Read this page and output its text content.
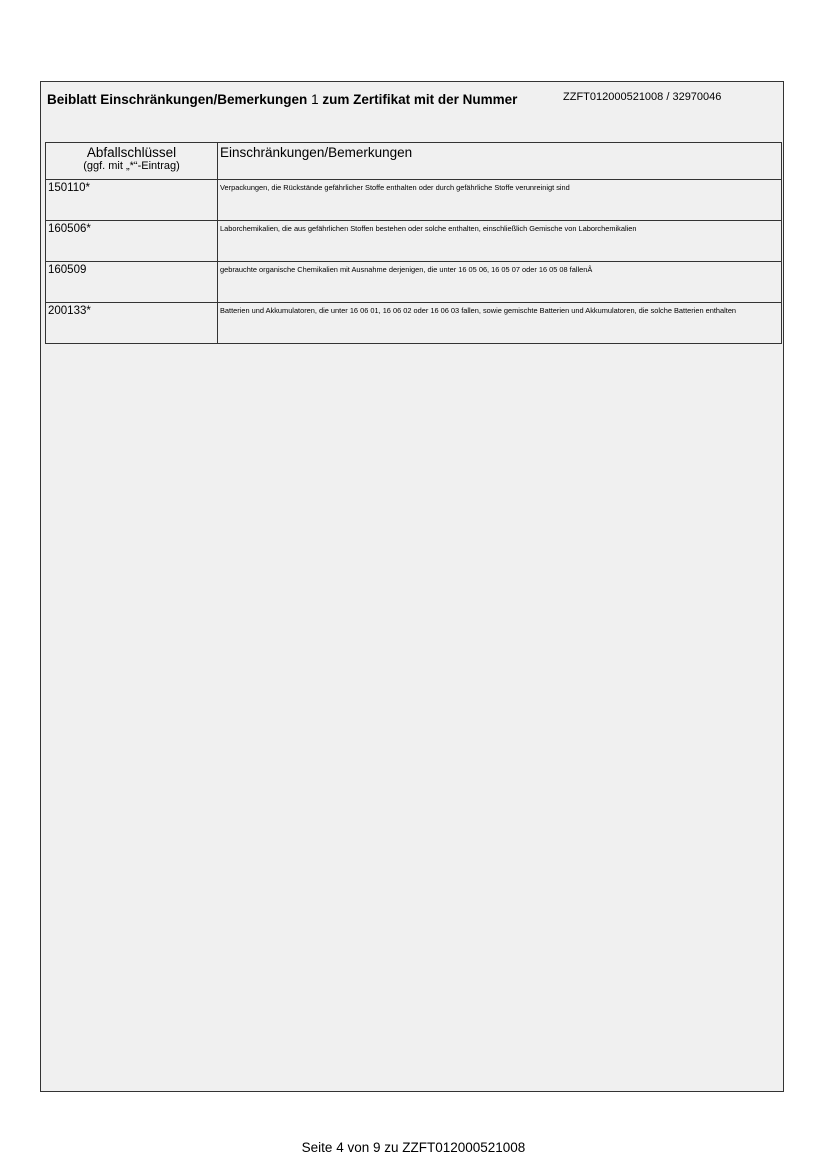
Beiblatt Einschränkungen/Bemerkungen 1 zum Zertifikat mit der Nummer	ZZFT012000521008 / 32970046
Abfallschlüssel
(ggf. mit „*“-Eintrag)	Einschränkungen/Bemerkungen
150110*	Verpackungen, die Rückstände gefährlicher Stoffe enthalten oder durch gefährliche Stoffe verunreinigt sind
160506*	Laborchemikalien, die aus gefährlichen Stoffen bestehen oder solche enthalten, einschließlich Gemische von Laborchemikalien
160509	gebrauchte organische Chemikalien mit Ausnahme derjenigen, die unter 16 05 06, 16 05 07 oder 16 05 08 fallenÂ
200133*	Batterien und Akkumulatoren, die unter 16 06 01, 16 06 02 oder 16 06 03 fallen, sowie gemischte Batterien und Akkumulatoren, die solche Batterien enthalten
Seite 4 von 9 zu ZZFT012000521008
